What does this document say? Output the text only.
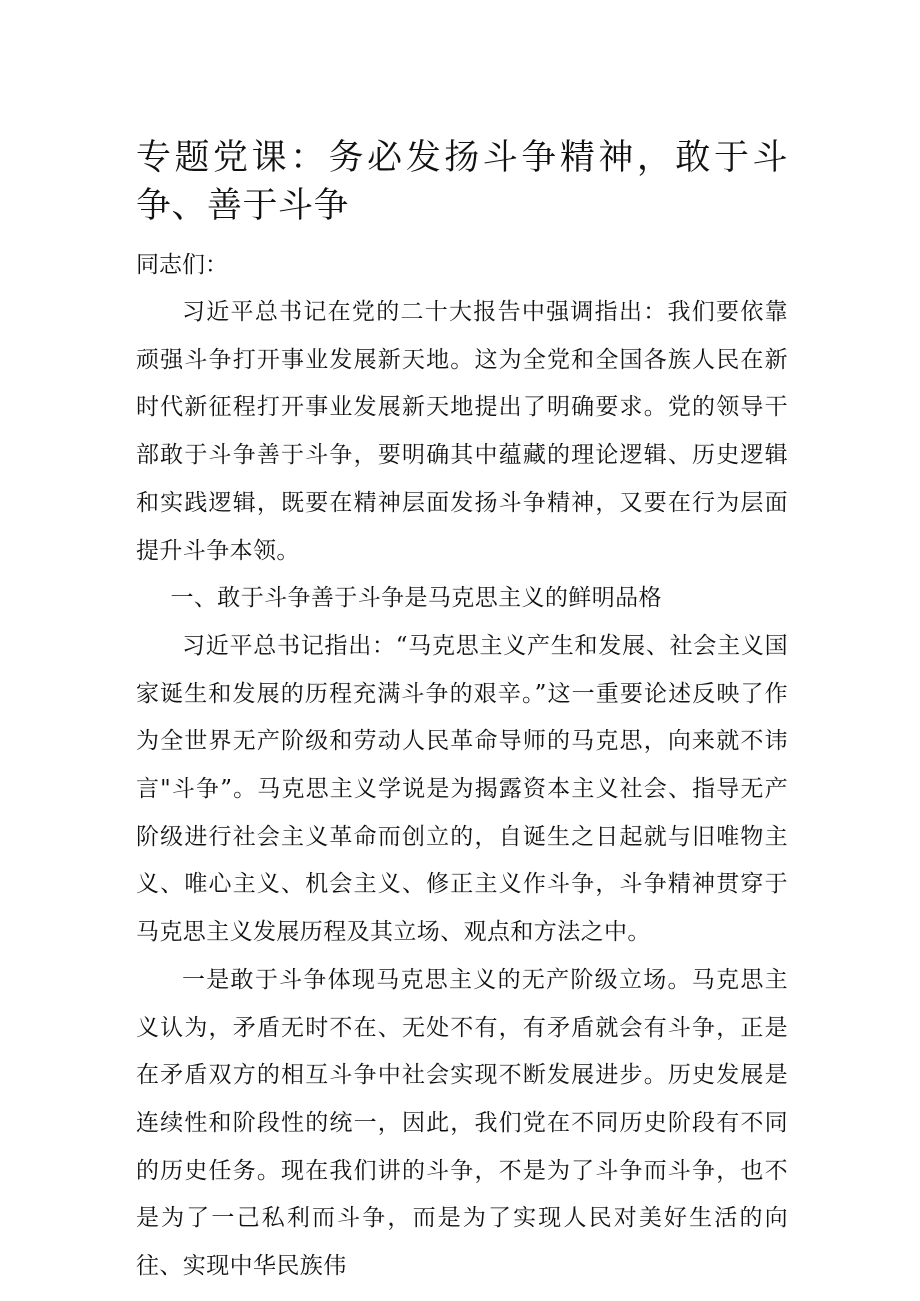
专题党课：务必发扬斗争精神，敢于斗争、善于斗争

同志们：

习近平总书记在党的二十大报告中强调指出：我们要依靠顽强斗争打开事业发展新天地。这为全党和全国各族人民在新时代新征程打开事业发展新天地提出了明确要求。党的领导干部敢于斗争善于斗争，要明确其中蕴藏的理论逻辑、历史逻辑和实践逻辑，既要在精神层面发扬斗争精神，又要在行为层面提升斗争本领。

一、敢于斗争善于斗争是马克思主义的鲜明品格

习近平总书记指出：“马克思主义产生和发展、社会主义国家诞生和发展的历程充满斗争的艰辛。”这一重要论述反映了作为全世界无产阶级和劳动人民革命导师的马克思，向来就不讳言"斗争”。马克思主义学说是为揭露资本主义社会、指导无产阶级进行社会主义革命而创立的，自诞生之日起就与旧唯物主义、唯心主义、机会主义、修正主义作斗争，斗争精神贯穿于马克思主义发展历程及其立场、观点和方法之中。

一是敢于斗争体现马克思主义的无产阶级立场。马克思主义认为，矛盾无时不在、无处不有，有矛盾就会有斗争，正是在矛盾双方的相互斗争中社会实现不断发展进步。历史发展是连续性和阶段性的统一，因此，我们党在不同历史阶段有不同的历史任务。现在我们讲的斗争，不是为了斗争而斗争，也不是为了一己私利而斗争，而是为了实现人民对美好生活的向往、实现中华民族伟
